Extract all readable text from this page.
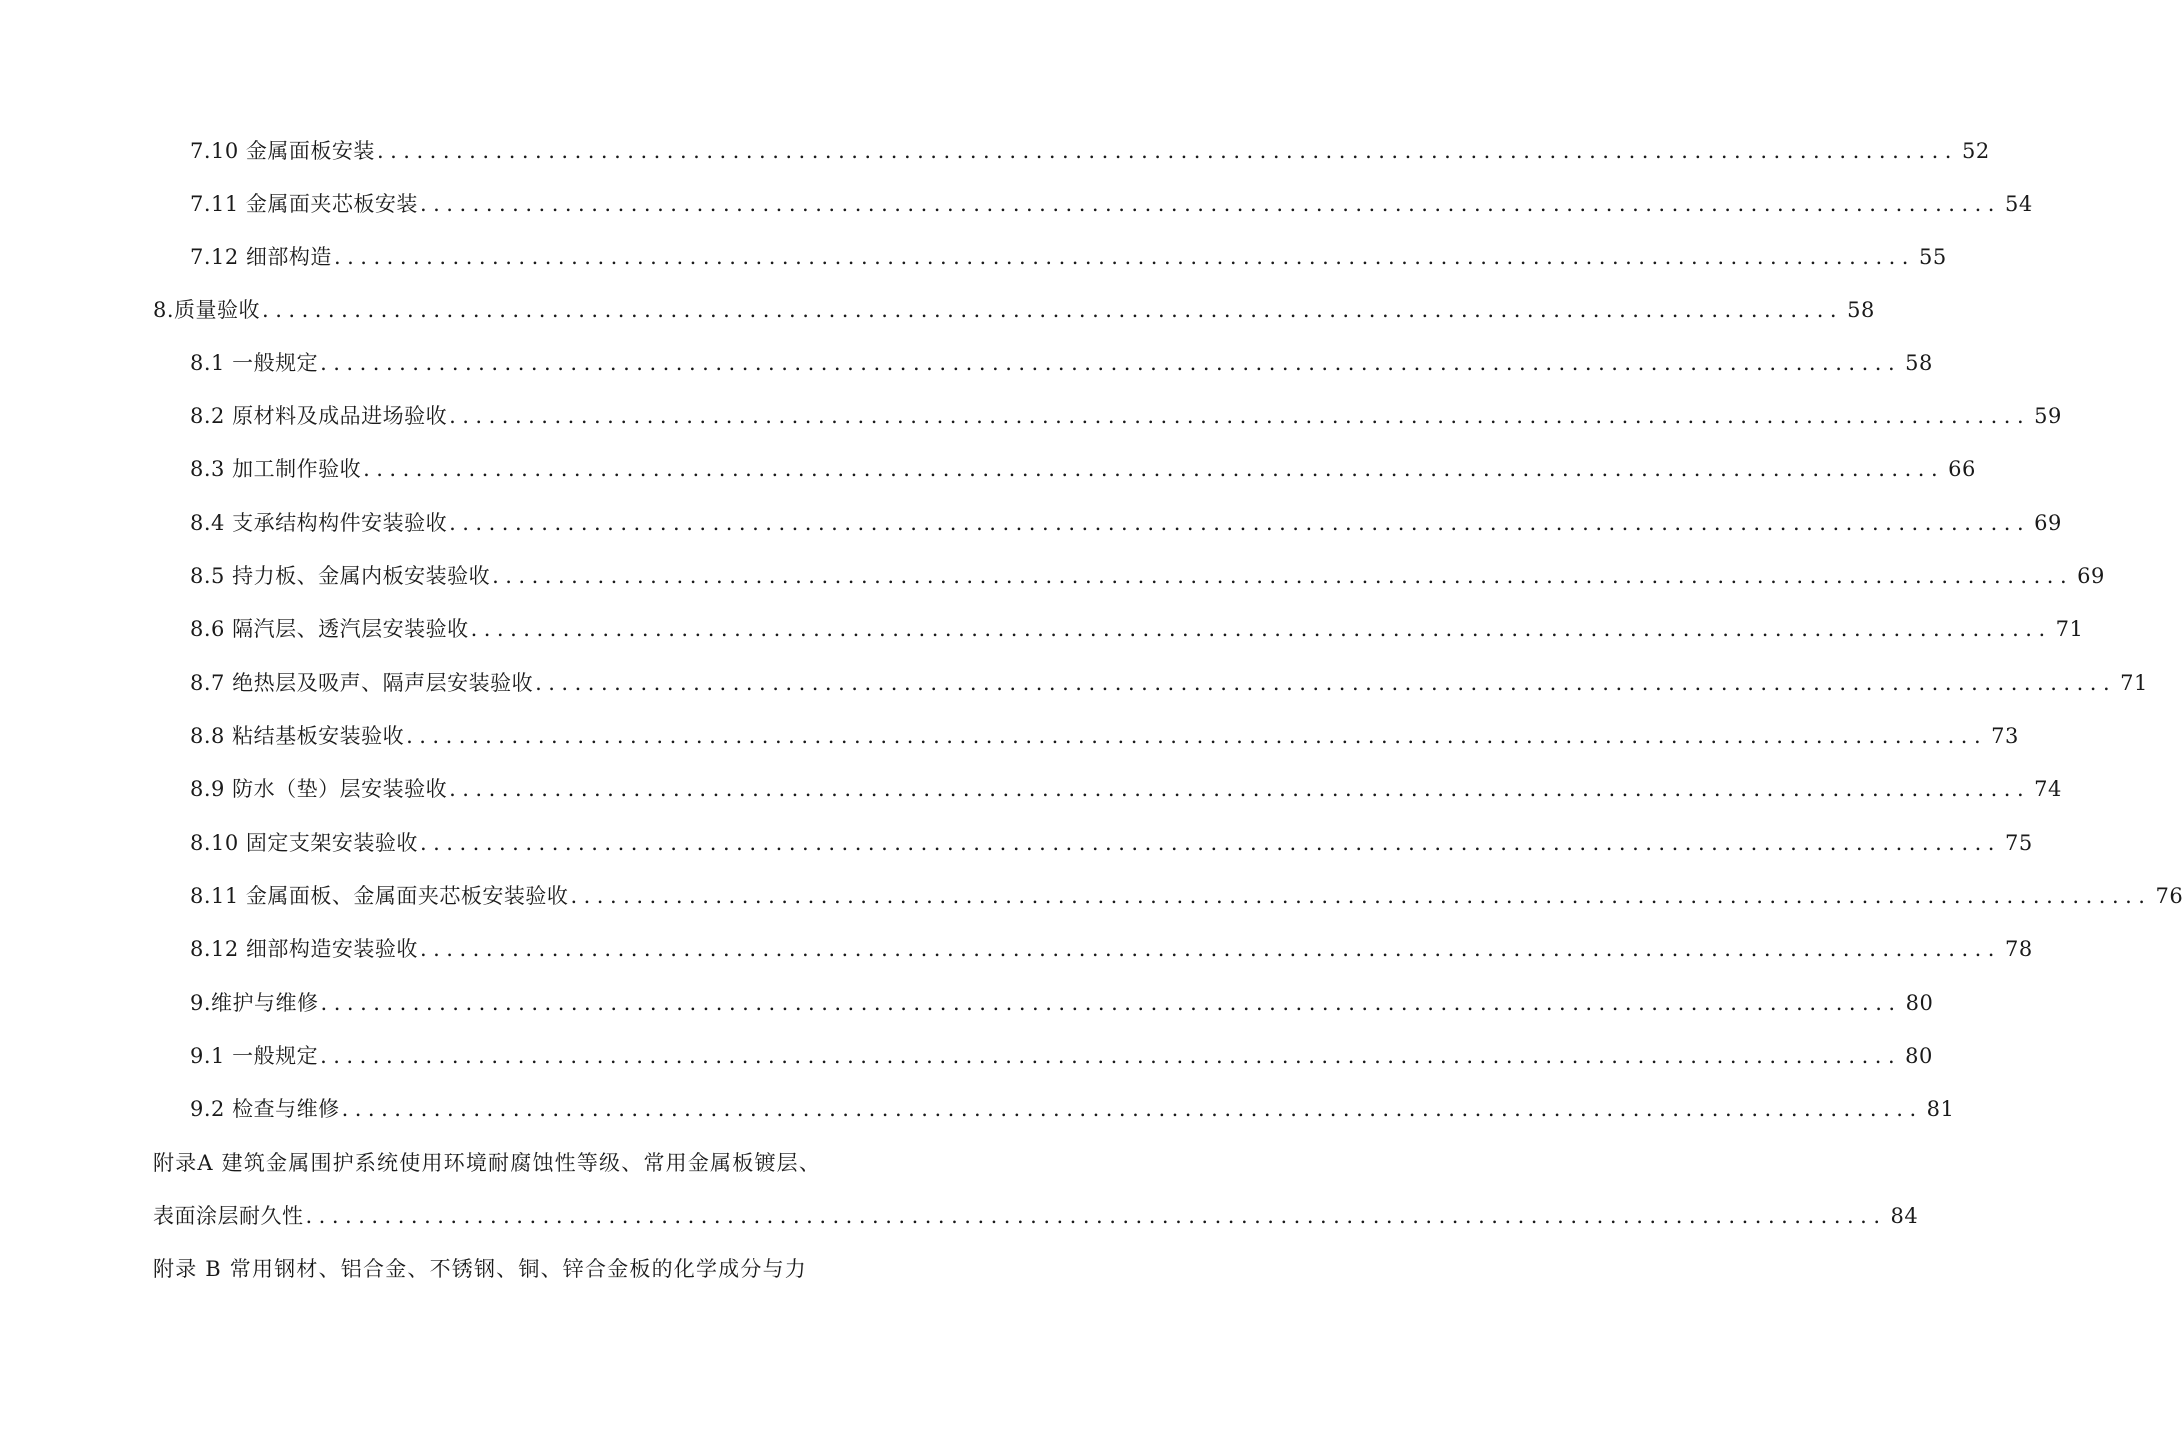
7.10 金属面板安装 ........................................................................................................................ 52
7.11 金属面夹芯板安装 ........................................................................................................................ 54
7.12 细部构造 ........................................................................................................................ 55
8.质量验收 ........................................................................................................................ 58
8.1 一般规定 ........................................................................................................................ 58
8.2 原材料及成品进场验收 ........................................................................................................................ 59
8.3 加工制作验收 ........................................................................................................................ 66
8.4 支承结构构件安装验收 ........................................................................................................................ 69
8.5 持力板、金属内板安装验收 ........................................................................................................................ 69
8.6 隔汽层、透汽层安装验收 ........................................................................................................................ 71
8.7 绝热层及吸声、隔声层安装验收 ........................................................................................................................ 71
8.8 粘结基板安装验收 ........................................................................................................................ 73
8.9 防水（垫）层安装验收 ........................................................................................................................ 74
8.10 固定支架安装验收 ........................................................................................................................ 75
8.11 金属面板、金属面夹芯板安装验收 ........................................................................................................................ 76
8.12 细部构造安装验收 ........................................................................................................................ 78
9.维护与维修 ........................................................................................................................ 80
9.1 一般规定 ........................................................................................................................ 80
9.2 检查与维修 ........................................................................................................................ 81
附录A 建筑金属围护系统使用环境耐腐蚀性等级、常用金属板镀层、
表面涂层耐久性 ........................................................................................................................ 84
附录 B 常用钢材、铝合金、不锈钢、铜、锌合金板的化学成分与力
